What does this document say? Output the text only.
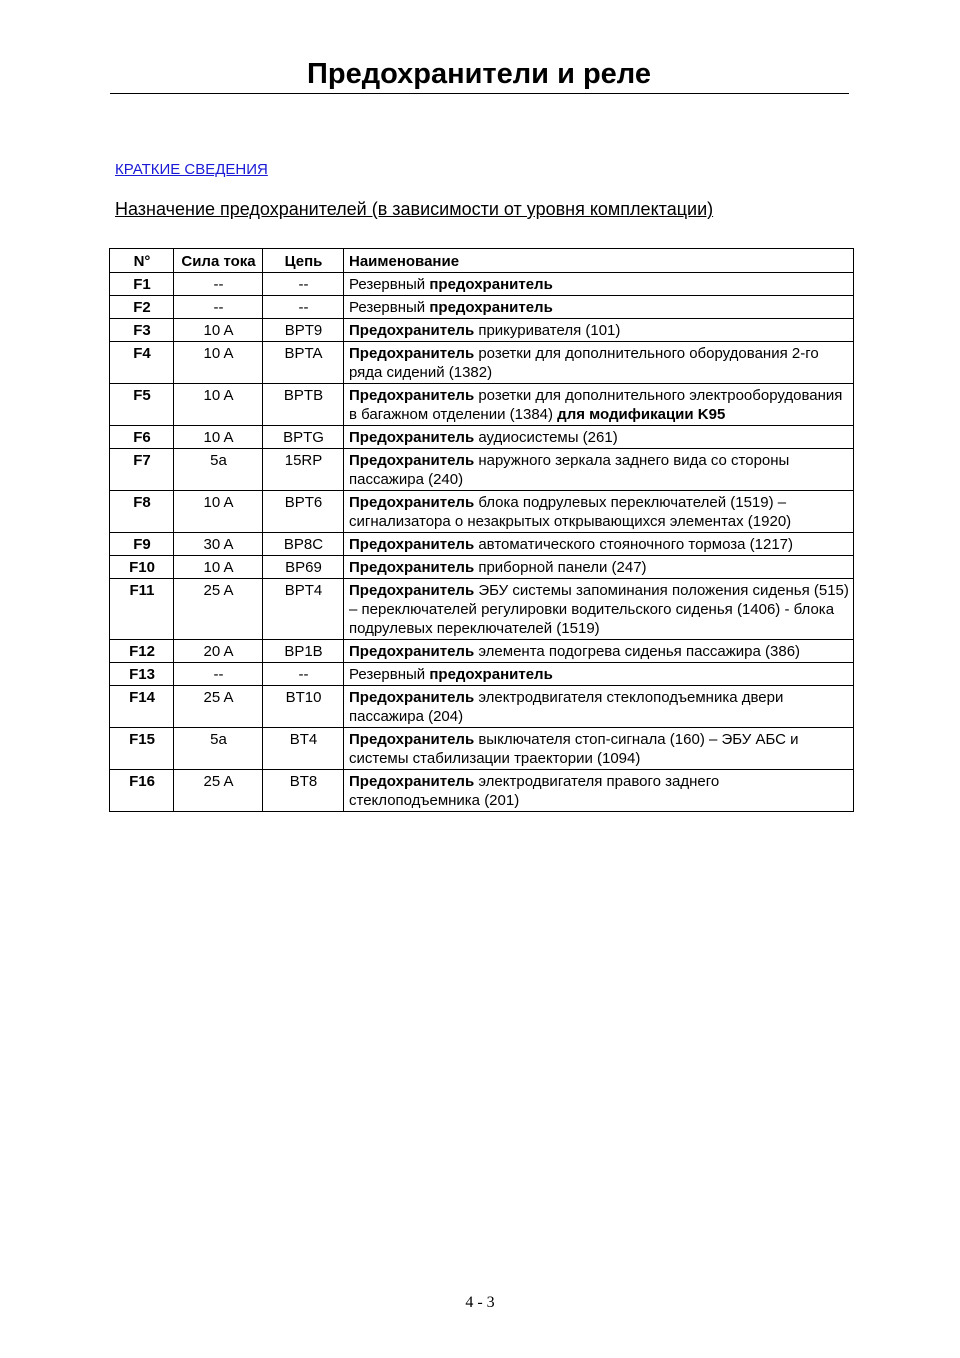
Предохранители и реле
КРАТКИЕ СВЕДЕНИЯ
Назначение предохранителей (в зависимости от уровня комплектации)
N°	Сила тока	Цепь	Наименование
F1	--	--	Резервный предохранитель
F2	--	--	Резервный предохранитель
F3	10 A	BPT9	Предохранитель прикуривателя (101)
F4	10 A	BPTA	Предохранитель розетки для дополнительного оборудования 2-го ряда сидений (1382)
F5	10 A	BPTB	Предохранитель розетки для дополнительного электрооборудования в багажном отделении (1384) для модификации K95
F6	10 A	BPTG	Предохранитель аудиосистемы (261)
F7	5a	15RP	Предохранитель наружного зеркала заднего вида со стороны пассажира (240)
F8	10 A	BPT6	Предохранитель блока подрулевых переключателей (1519) – сигнализатора о незакрытых открывающихся элементах (1920)
F9	30 A	BP8C	Предохранитель автоматического стояночного тормоза (1217)
F10	10 A	BP69	Предохранитель приборной панели (247)
F11	25 A	BPT4	Предохранитель ЭБУ системы запоминания положения сиденья (515) – переключателей регулировки водительского сиденья (1406) - блока подрулевых переключателей (1519)
F12	20 A	BP1B	Предохранитель элемента подогрева сиденья пассажира (386)
F13	--	--	Резервный предохранитель
F14	25 A	BT10	Предохранитель электродвигателя стеклоподъемника двери пассажира (204)
F15	5a	BT4	Предохранитель выключателя стоп-сигнала (160) – ЭБУ АБС и системы стабилизации траектории (1094)
F16	25 A	BT8	Предохранитель электродвигателя правого заднего стеклоподъемника (201)
4 - 3
